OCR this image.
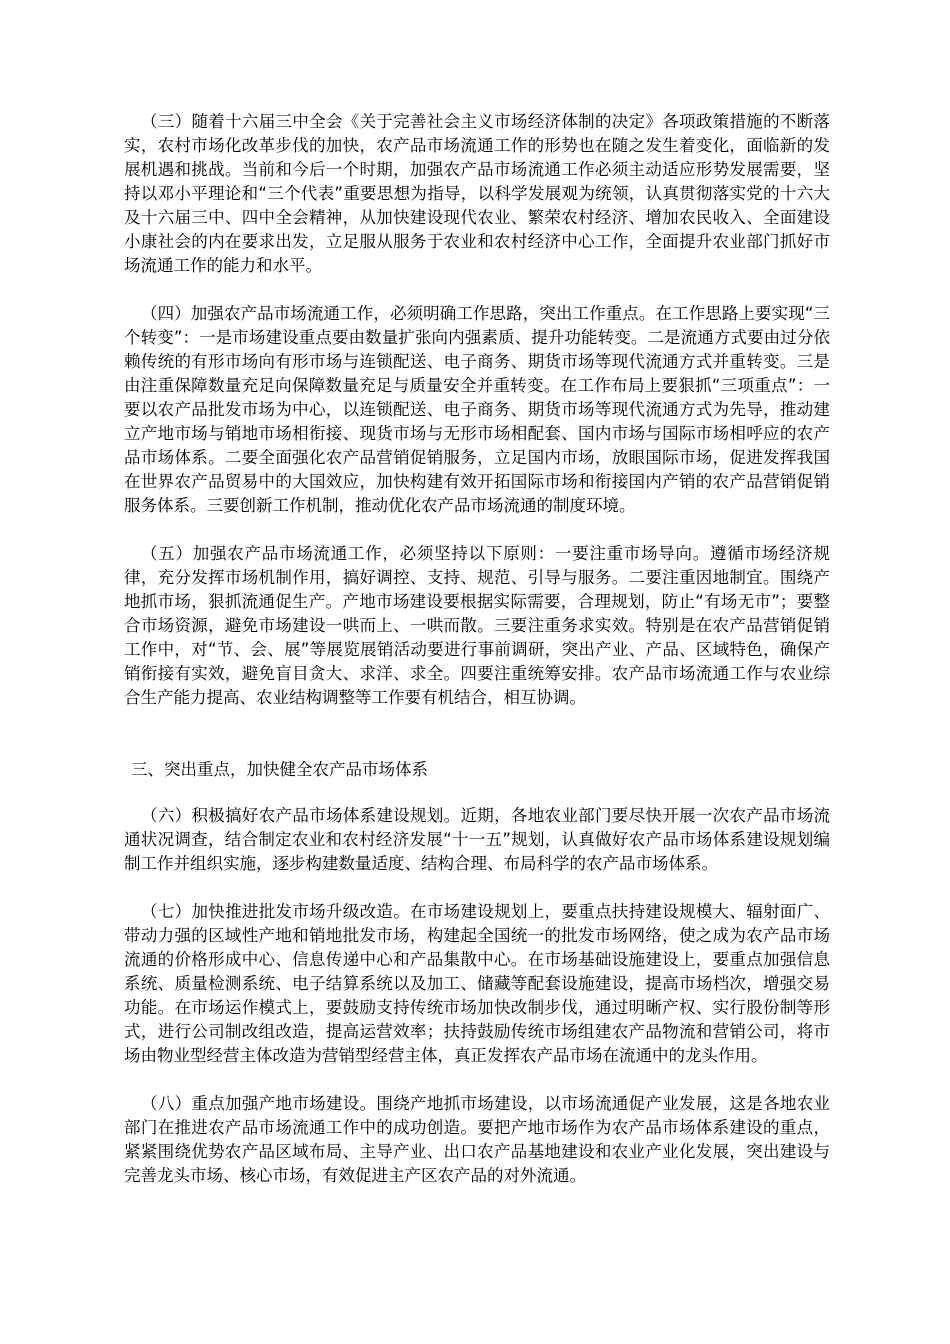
（三）随着十六届三中全会《关于完善社会主义市场经济体制的决定》各项政策措施的不断落实，农村市场化改革步伐的加快，农产品市场流通工作的形势也在随之发生着变化，面临新的发展机遇和挑战。当前和今后一个时期，加强农产品市场流通工作必须主动适应形势发展需要，坚持以邓小平理论和“三个代表”重要思想为指导，以科学发展观为统领，认真贯彻落实党的十六大及十六届三中、四中全会精神，从加快建设现代农业、繁荣农村经济、增加农民收入、全面建设小康社会的内在要求出发，立足服从服务于农业和农村经济中心工作，全面提升农业部门抓好市场流通工作的能力和水平。

（四）加强农产品市场流通工作，必须明确工作思路，突出工作重点。在工作思路上要实现“三个转变”：一是市场建设重点要由数量扩张向内强素质、提升功能转变。二是流通方式要由过分依赖传统的有形市场向有形市场与连锁配送、电子商务、期货市场等现代流通方式并重转变。三是由注重保障数量充足向保障数量充足与质量安全并重转变。在工作布局上要狠抓“三项重点”：一要以农产品批发市场为中心，以连锁配送、电子商务、期货市场等现代流通方式为先导，推动建立产地市场与销地市场相衔接、现货市场与无形市场相配套、国内市场与国际市场相呼应的农产品市场体系。二要全面强化农产品营销促销服务，立足国内市场，放眼国际市场，促进发挥我国在世界农产品贸易中的大国效应，加快构建有效开拓国际市场和衔接国内产销的农产品营销促销服务体系。三要创新工作机制，推动优化农产品市场流通的制度环境。

（五）加强农产品市场流通工作，必须坚持以下原则：一要注重市场导向。遵循市场经济规律，充分发挥市场机制作用，搞好调控、支持、规范、引导与服务。二要注重因地制宜。围绕产地抓市场，狠抓流通促生产。产地市场建设要根据实际需要，合理规划，防止“有场无市”；要整合市场资源，避免市场建设一哄而上、一哄而散。三要注重务求实效。特别是在农产品营销促销工作中，对“节、会、展”等展览展销活动要进行事前调研，突出产业、产品、区域特色，确保产销衔接有实效，避免盲目贪大、求洋、求全。四要注重统筹安排。农产品市场流通工作与农业综合生产能力提高、农业结构调整等工作要有机结合，相互协调。

三、突出重点，加快健全农产品市场体系

（六）积极搞好农产品市场体系建设规划。近期，各地农业部门要尽快开展一次农产品市场流通状况调查，结合制定农业和农村经济发展“十一五”规划，认真做好农产品市场体系建设规划编制工作并组织实施，逐步构建数量适度、结构合理、布局科学的农产品市场体系。

（七）加快推进批发市场升级改造。在市场建设规划上，要重点扶持建设规模大、辐射面广、带动力强的区域性产地和销地批发市场，构建起全国统一的批发市场网络，使之成为农产品市场流通的价格形成中心、信息传递中心和产品集散中心。在市场基础设施建设上，要重点加强信息系统、质量检测系统、电子结算系统以及加工、储藏等配套设施建设，提高市场档次，增强交易功能。在市场运作模式上，要鼓励支持传统市场加快改制步伐，通过明晰产权、实行股份制等形式，进行公司制改组改造，提高运营效率；扶持鼓励传统市场组建农产品物流和营销公司，将市场由物业型经营主体改造为营销型经营主体，真正发挥农产品市场在流通中的龙头作用。

（八）重点加强产地市场建设。围绕产地抓市场建设，以市场流通促产业发展，这是各地农业部门在推进农产品市场流通工作中的成功创造。要把产地市场作为农产品市场体系建设的重点，紧紧围绕优势农产品区域布局、主导产业、出口农产品基地建设和农业产业化发展，突出建设与完善龙头市场、核心市场，有效促进主产区农产品的对外流通。
